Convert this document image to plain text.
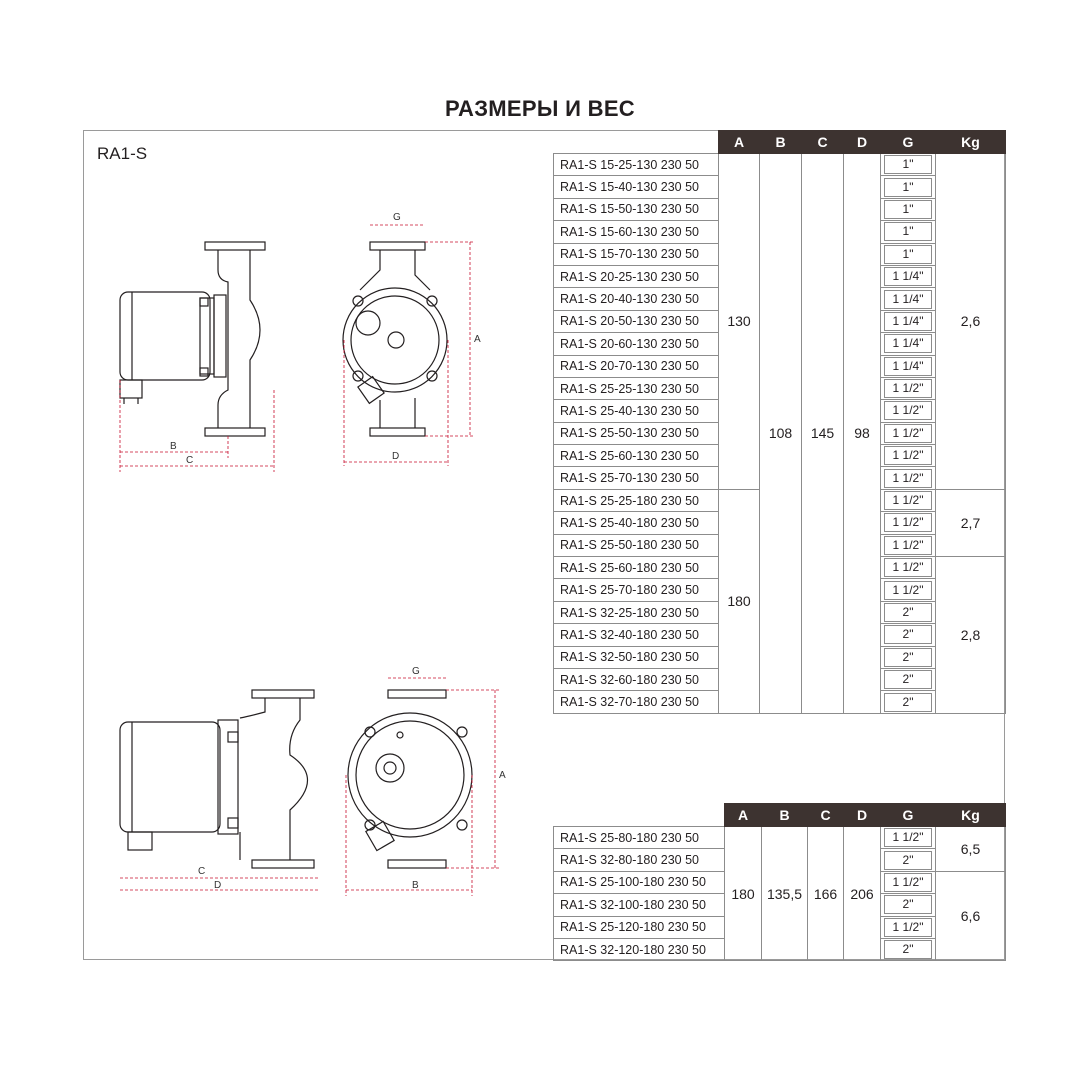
РАЗМЕРЫ И ВЕС
RA1-S
G
A
B
C	D
G
A
C
D	B
	A	B	C	D	G	Kg
RA1-S 15-25-130 230 50	130	108	145	98	1"	2,6
RA1-S 15-40-130 230 50					1"	

RA1-S 15-50-130 230 50					1"	

RA1-S 15-60-130 230 50					1"	

RA1-S 15-70-130 230 50					1"	

RA1-S 20-25-130 230 50					1 1/4"	

RA1-S 20-40-130 230 50					1 1/4"	

RA1-S 20-50-130 230 50					1 1/4"	

RA1-S 20-60-130 230 50					1 1/4"	

RA1-S 20-70-130 230 50					1 1/4"	

RA1-S 25-25-130 230 50					1 1/2"	

RA1-S 25-40-130 230 50					1 1/2"	

RA1-S 25-50-130 230 50					1 1/2"	

RA1-S 25-60-130 230 50					1 1/2"	

RA1-S 25-70-130 230 50					1 1/2"	

RA1-S 25-25-180 230 50	180				1 1/2"	2,7
RA1-S 25-40-180 230 50					1 1/2"	

RA1-S 25-50-180 230 50					1 1/2"	

RA1-S 25-60-180 230 50					1 1/2"	2,8
RA1-S 25-70-180 230 50					1 1/2"	

RA1-S 32-25-180 230 50					2"	

RA1-S 32-40-180 230 50					2"	

RA1-S 32-50-180 230 50					2"	

RA1-S 32-60-180 230 50					2"	

RA1-S 32-70-180 230 50					2"	
	A	B	C	D	G	Kg
RA1-S 25-80-180 230 50	180	135,5	166	206	1 1/2"	6,5
RA1-S 32-80-180 230 50					2"	

RA1-S 25-100-180 230 50					1 1/2"	6,6
RA1-S 32-100-180 230 50					2"	

RA1-S 25-120-180 230 50					1 1/2"	

RA1-S 32-120-180 230 50					2"	
